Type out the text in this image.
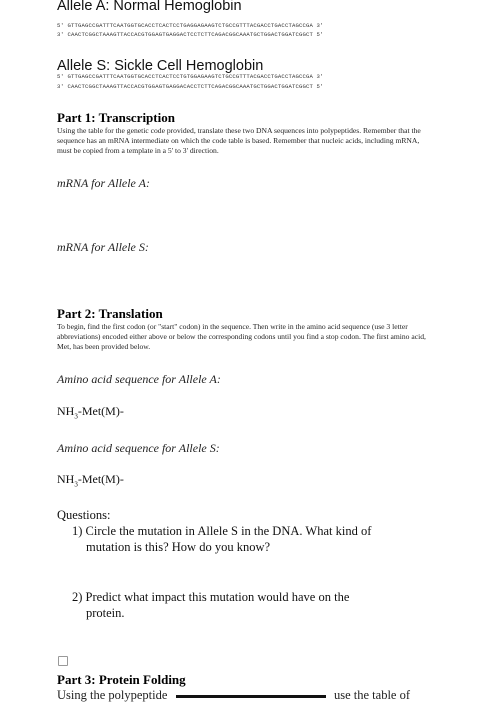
Allele A: Normal Hemoglobin
5' GTTGAGCCGATTTCAATGGTGCACCTCACTCCTGAGGAGAAGTCTGCCGTTTACGACCTGACCTAGCCGA 3'
3' CAACTCGGCTAAAGTTACCACGTGGAGTGAGGACTCCTCTTCAGACGGCAAATGCTGGACTGGATCGGCT 5'
Allele S: Sickle Cell Hemoglobin
5' GTTGAGCCGATTTCAATGGTGCACCTCACTCCTGTGGAGAAGTCTGCCGTTTACGACCTGACCTAGCCGA 3'
3' CAACTCGGCTAAAGTTACCACGTGGAGTGAGGACACCTCTTCAGACGGCAAATGCTGGACTGGATCGGCT 5'
Part 1: Transcription
Using the table for the genetic code provided, translate these two DNA sequences into polypeptides. Remember that the sequence has an mRNA intermediate on which the code table is based. Remember that nucleic acids, including mRNA, must be copied from a template in a 5' to 3' direction.
mRNA for Allele A:
mRNA for Allele S:
Part 2: Translation
To begin, find the first codon (or "start" codon) in the sequence. Then write in the amino acid sequence (use 3 letter abbreviations) encoded either above or below the corresponding codons until you find a stop codon. The first amino acid, Met, has been provided below.
Amino acid sequence for Allele A:
$NH_3-Met(M)-$
Amino acid sequence for Allele S:
$NH_3-Met(M)-$
Questions:
1) Circle the mutation in Allele S in the DNA. What kind of
mutation is this? How do you know?
2) Predict what impact this mutation would have on the
protein.
Part 3: Protein Folding
Using the polypeptide	use the table of
